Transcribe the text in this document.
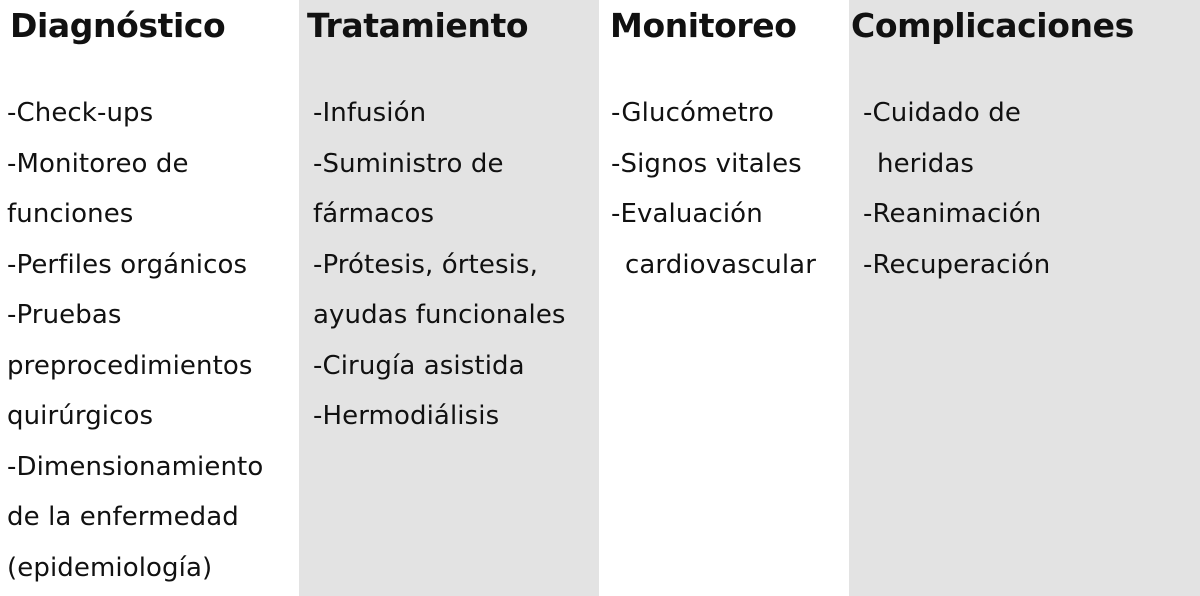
Diagnóstico
-Check-ups
-Monitoreo de
funciones
-Perfiles orgánicos
-Pruebas
preprocedimientos
quirúrgicos
-Dimensionamiento
de la enfermedad
(epidemiología)
Tratamiento
-Infusión
-Suministro de
fármacos
-Prótesis, órtesis,
ayudas funcionales
-Cirugía asistida
-Hermodiálisis
Monitoreo
-Glucómetro
-Signos vitales
-Evaluación
cardiovascular
Complicaciones
-Cuidado de
heridas
-Reanimación
-Recuperación
